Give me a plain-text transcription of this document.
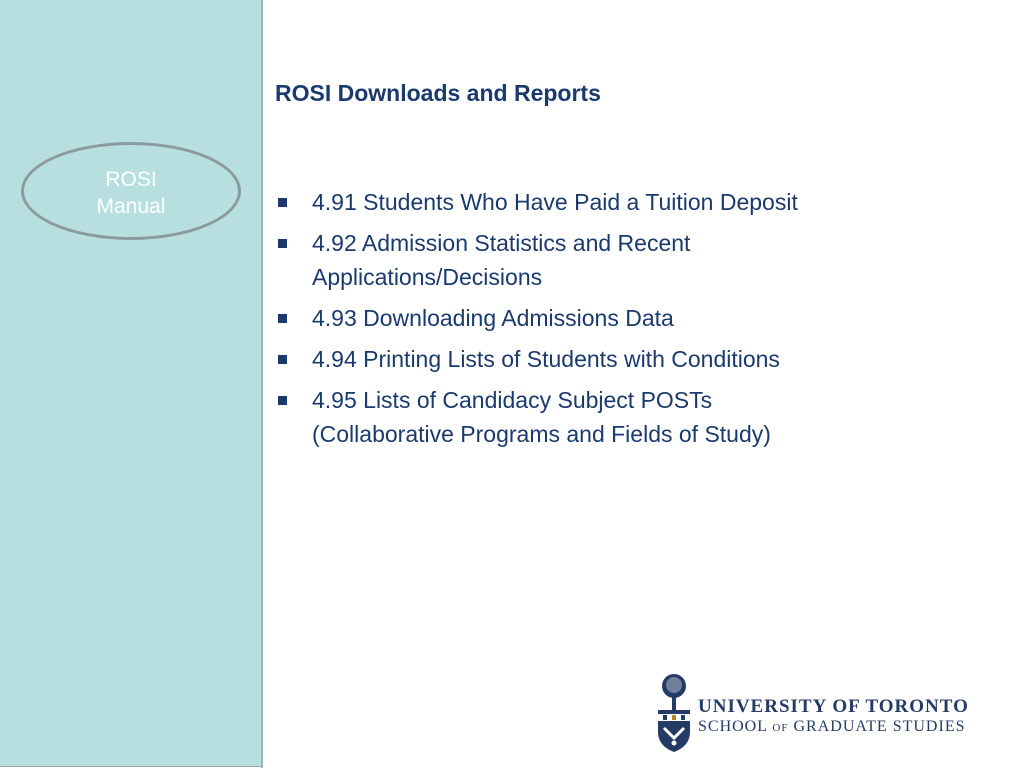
ROSI
Manual
ROSI Downloads and Reports
4.91 Students Who Have Paid a Tuition Deposit
4.92 Admission Statistics and Recent
Applications/Decisions
4.93 Downloading Admissions Data
4.94 Printing Lists of Students with Conditions
4.95 Lists of Candidacy Subject POSTs
(Collaborative Programs and Fields of Study)
UNIVERSITY OF TORONTO
SCHOOL OF GRADUATE STUDIES
